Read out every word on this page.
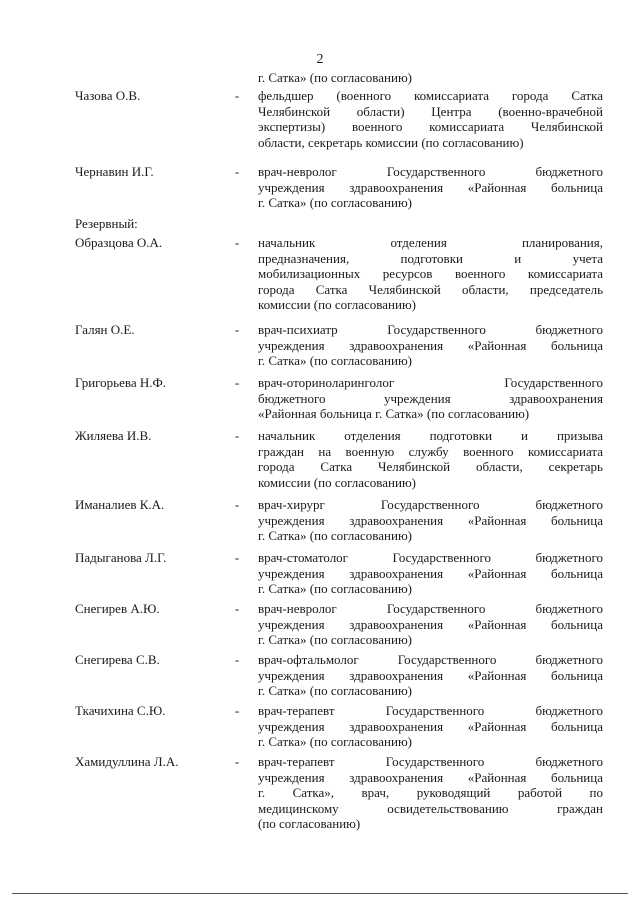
2
г. Сатка» (по согласованию)
Чазова О.В.	- фельдшер (военного комиссариата города Сатка
Челябинской области) Центра (военно-врачебной
экспертизы) военного комиссариата Челябинской
области, секретарь комиссии (по согласованию)
Чернавин И.Г.	- врач-невролог Государственного бюджетного
учреждения здравоохранения «Районная больница
г. Сатка» (по согласованию)
Резервный:
Образцова О.А.	- начальник отделения планирования,
предназначения, подготовки и учета
мобилизационных ресурсов военного комиссариата
города Сатка Челябинской области, председатель
комиссии (по согласованию)
Галян О.Е.	- врач-психиатр Государственного бюджетного
учреждения здравоохранения «Районная больница
г. Сатка» (по согласованию)
Григорьева Н.Ф.	- врач-оториноларинголог Государственного
бюджетного учреждения здравоохранения
«Районная больница г. Сатка» (по согласованию)
Жиляева И.В.	- начальник отделения подготовки и призыва
граждан на военную службу военного комиссариата
города Сатка Челябинской области, секретарь
комиссии (по согласованию)
Иманалиев К.А.	- врач-хирург Государственного бюджетного
учреждения здравоохранения «Районная больница
г. Сатка» (по согласованию)
Падыганова Л.Г.	- врач-стоматолог Государственного бюджетного
учреждения здравоохранения «Районная больница
г. Сатка» (по согласованию)
Снегирев А.Ю.	- врач-невролог Государственного бюджетного
учреждения здравоохранения «Районная больница
г. Сатка» (по согласованию)
Снегирева С.В.	- врач-офтальмолог Государственного бюджетного
учреждения здравоохранения «Районная больница
г. Сатка» (по согласованию)
Ткачихина С.Ю.	- врач-терапевт Государственного бюджетного
учреждения здравоохранения «Районная больница
г. Сатка» (по согласованию)
Хамидуллина Л.А.	- врач-терапевт Государственного бюджетного
учреждения здравоохранения «Районная больница
г. Сатка», врач, руководящий работой по
медицинскому освидетельствованию граждан
(по согласованию)
